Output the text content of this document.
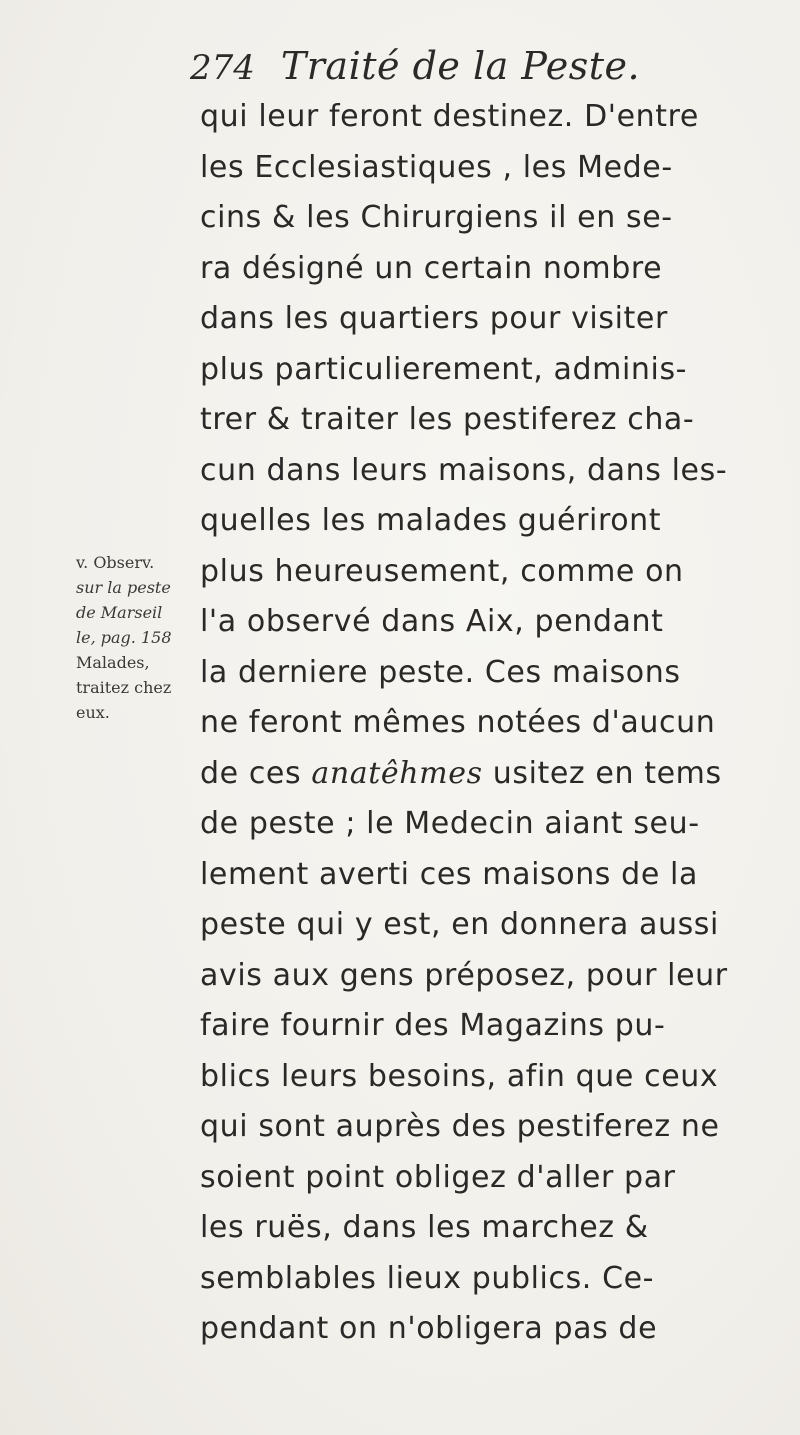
274 Traité de la Peste.
qui leur feront destinez. D'entre
les Ecclesiastiques , les Mede-
cins & les Chirurgiens il en se-
ra désigné un certain nombre
dans les quartiers pour visiter
plus particulierement, adminis-
trer & traiter les pestiferez cha-
cun dans leurs maisons, dans les-
quelles les malades guériront
plus heureusement, comme on
l'a observé dans Aix, pendant
la derniere peste. Ces maisons
ne feront mêmes notées d'aucun
de ces anatêhmes usitez en tems
de peste ; le Medecin aiant seu-
lement averti ces maisons de la
peste qui y est, en donnera aussi
avis aux gens préposez, pour leur
faire fournir des Magazins pu-
blics leurs besoins, afin que ceux
qui sont auprès des pestiferez ne
soient point obligez d'aller par
les ruës, dans les marchez &
semblables lieux publics. Ce-
pendant on n'obligera pas de
v. Observ.
sur la peste
de Marseil
le, pag. 158
Malades,
traitez chez
eux.
